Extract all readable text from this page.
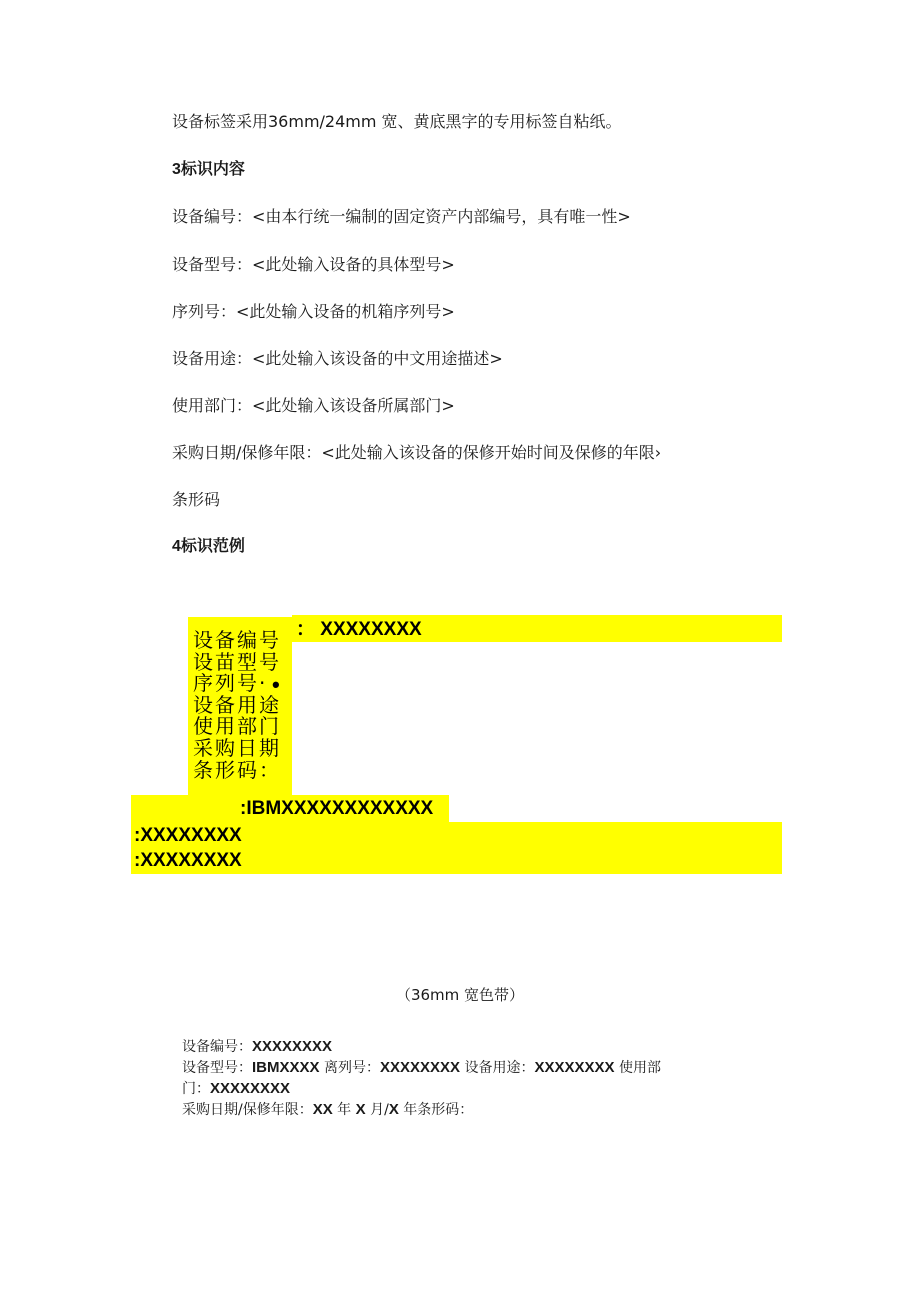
设备标签采用36mm/24mm 宽、黄底黑字的专用标签自粘纸。
3标识内容
设备编号：<由本行统一编制的固定资产内部编号，具有唯一性>
设备型号：<此处输入设备的具体型号>
序列号：<此处输入设备的机箱序列号>
设备用途：<此处输入该设备的中文用途描述>
使用部门：<此处输入该设备所属部门>
采购日期/保修年限：<此处输入该设备的保修开始时间及保修的年限›
条形码
4标识范例
设备编号
设苗型号
序列号·
设备用途
使用部门
采购日期
条形码：
•
： XXXXXXXX
:IBMXXXXXXXXXXXX
:XXXXXXXX
:XXXXXXXX
（36mm 宽色带）
设备编号：XXXXXXXX
设备型号：IBMXXXX 离列号：XXXXXXXX 设备用途：XXXXXXXX 使用部
门：XXXXXXXX
采购日期/保修年限：XX 年 X 月/X 年条形码：
